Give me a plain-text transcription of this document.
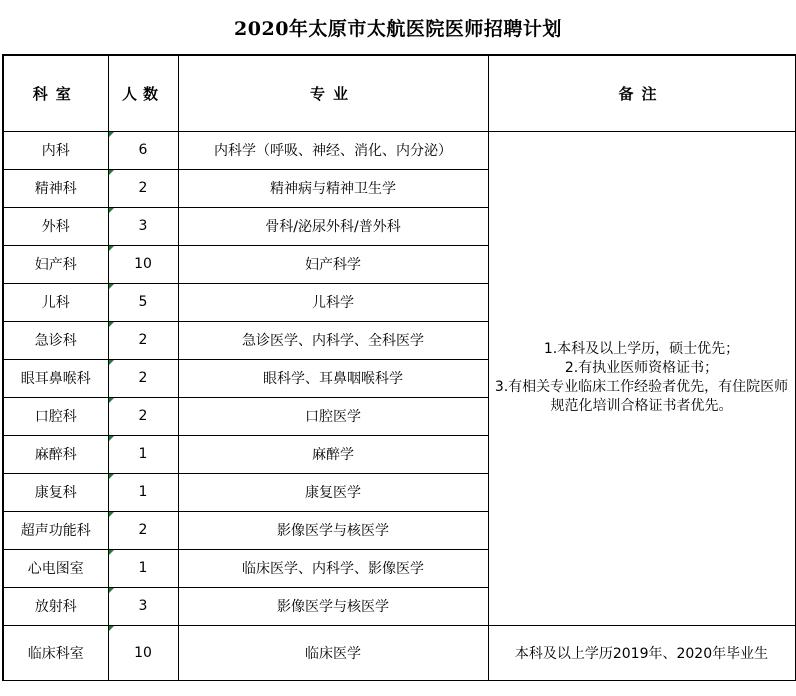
2020年太原市太航医院医师招聘计划
科室	人数	专业	备注
内科	6	内科学（呼吸、神经、消化、内分泌）	1.本科及以上学历，硕士优先；
2.有执业医师资格证书；
3.有相关专业临床工作经验者优先，有住院医师规范化培训合格证书者优先。

精神科	2	精神病与精神卫生学	
外科	3	骨科/泌尿外科/普外科	
妇产科	10	妇产科学	
儿科	5	儿科学	
急诊科	2	急诊医学、内科学、全科医学	
眼耳鼻喉科	2	眼科学、耳鼻咽喉科学	
口腔科	2	口腔医学	
麻醉科	1	麻醉学	
康复科	1	康复医学	
超声功能科	2	影像医学与核医学	
心电图室	1	临床医学、内科学、影像医学	
放射科	3	影像医学与核医学	
临床科室	10	临床医学	本科及以上学历2019年、2020年毕业生
